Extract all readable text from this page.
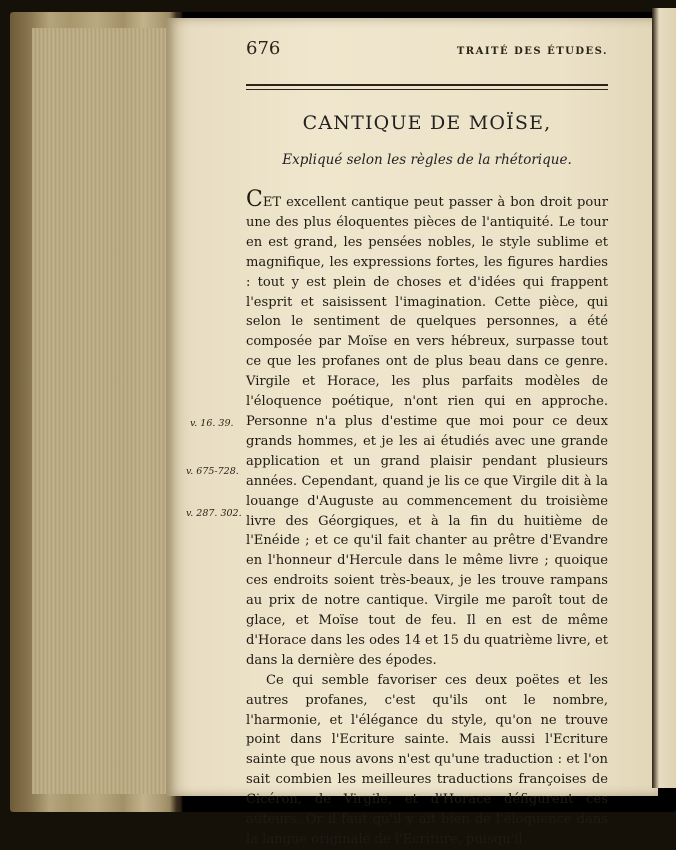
676	TRAITÉ DES ÉTUDES.
CANTIQUE DE MOÏSE,
Expliqué selon les règles de la rhétorique.

CET excellent cantique peut passer à bon droit pour une des plus éloquentes pièces de l'antiquité. Le tour en est grand, les pensées nobles, le style sublime et magnifique, les expressions fortes, les figures hardies : tout y est plein de choses et d'idées qui frappent l'esprit et saisissent l'imagination. Cette pièce, qui selon le sentiment de quelques personnes, a été composée par Moïse en vers hébreux, surpasse tout ce que les profanes ont de plus beau dans ce genre. Virgile et Horace, les plus parfaits modèles de l'éloquence poétique, n'ont rien qui en approche. Personne n'a plus d'estime que moi pour ce deux grands hommes, et je les ai étudiés avec une grande application et un grand plaisir pendant plusieurs années. Cependant, quand je lis ce que Virgile dit à la louange d'Auguste au commencement du troisième livre des Géorgiques, et à la fin du huitième de l'Enéide ; et ce qu'il fait chanter au prêtre d'Evandre en l'honneur d'Hercule dans le même livre ; quoique ces endroits soient très-beaux, je les trouve rampans au prix de notre cantique. Virgile me paroît tout de glace, et Moïse tout de feu. Il en est de même d'Horace dans les odes 14 et 15 du quatrième livre, et dans la dernière des épodes.

Ce qui semble favoriser ces deux poëtes et les autres profanes, c'est qu'ils ont le nombre, l'harmonie, et l'élégance du style, qu'on ne trouve point dans l'Ecriture sainte. Mais aussi l'Ecriture sainte que nous avons n'est qu'une traduction : et l'on sait combien les meilleures traductions françoises de Cicéron, de Virgile, et d'Horace défigurent ces auteurs. Or il faut qu'il y ait bien de l'éloquence dans la langue originale de l'Ecriture, puisqu'il

v. 16. 39.
v. 675-728.
v. 287. 302.
